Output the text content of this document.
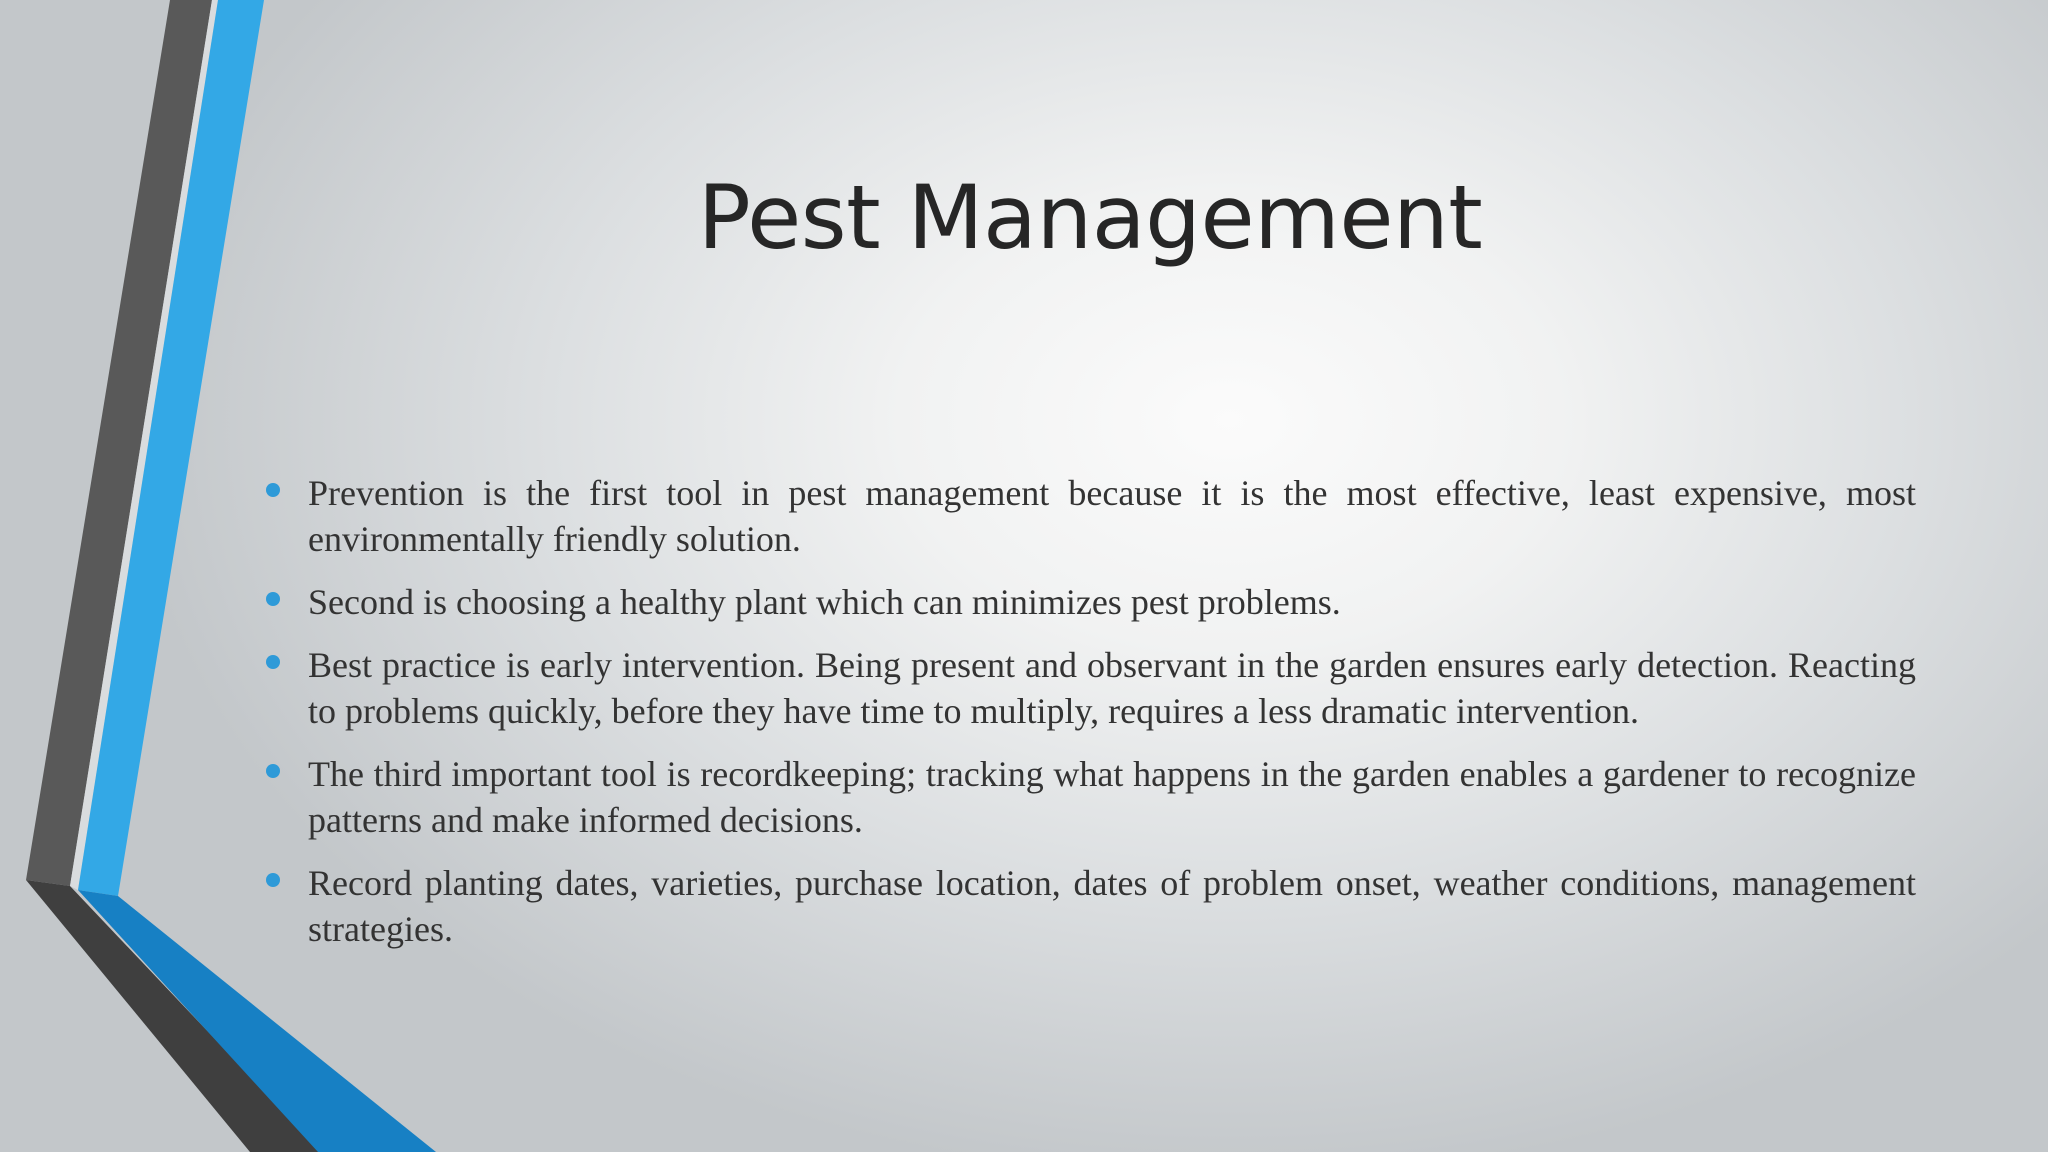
Pest Management
Prevention is the first tool in pest management because it is the most effective, least expensive, most environmentally friendly solution.
Second is choosing a healthy plant which can minimizes pest problems.
Best practice is early intervention. Being present and observant in the garden ensures early detection. Reacting to problems quickly, before they have time to multiply, requires a less dramatic intervention.
The third important tool is recordkeeping; tracking what happens in the garden enables a gardener to recognize patterns and make informed decisions.
Record planting dates, varieties, purchase location, dates of problem onset, weather conditions, management strategies.
